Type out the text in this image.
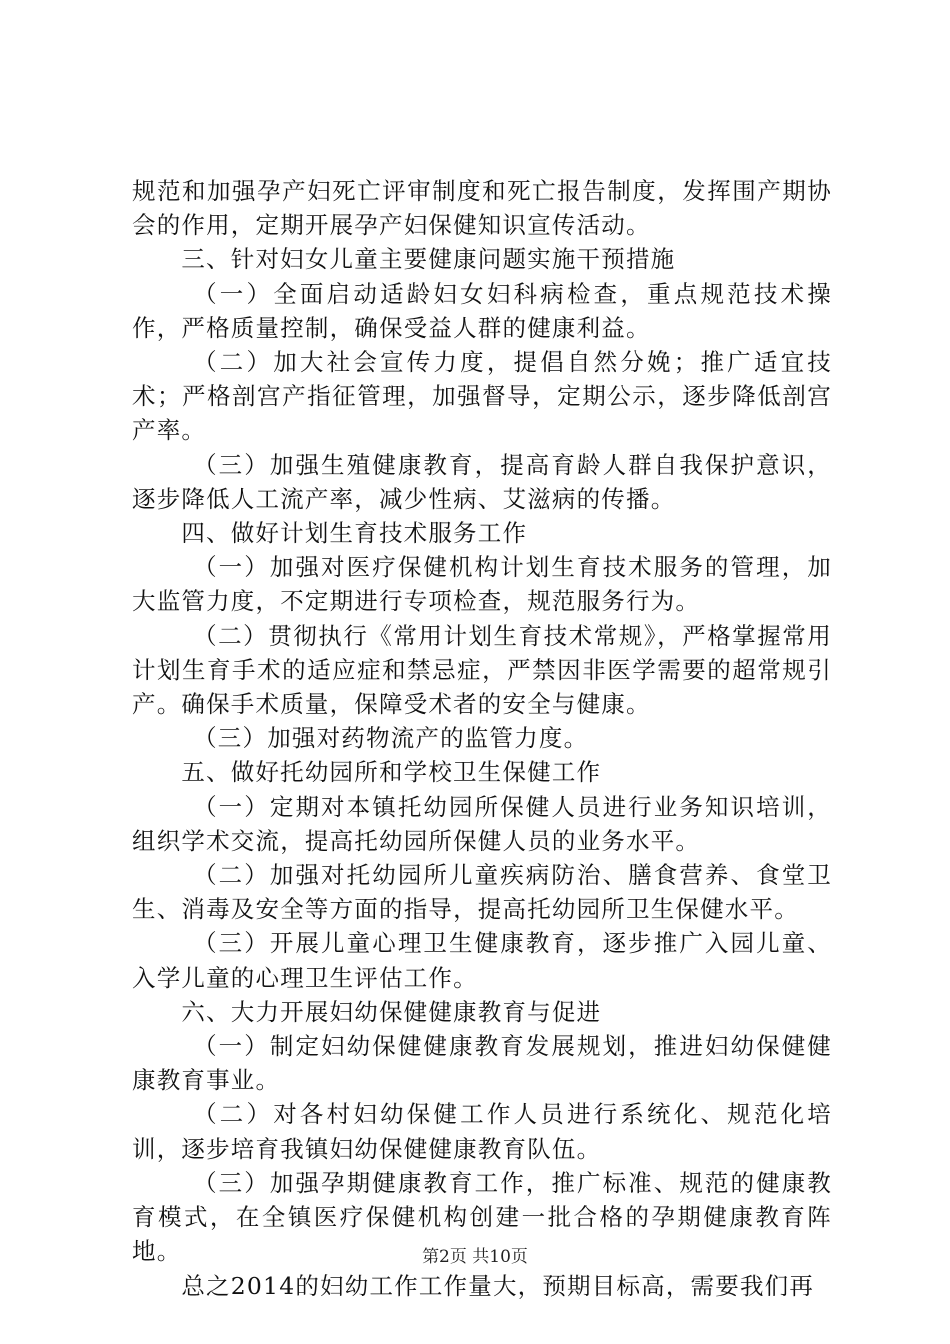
规范和加强孕产妇死亡评审制度和死亡报告制度，发挥围产期协会的作用，定期开展孕产妇保健知识宣传活动。

三、针对妇女儿童主要健康问题实施干预措施

（一）全面启动适龄妇女妇科病检查，重点规范技术操作，严格质量控制，确保受益人群的健康利益。

（二）加大社会宣传力度，提倡自然分娩；推广适宜技术；严格剖宫产指征管理，加强督导，定期公示，逐步降低剖宫产率。

（三）加强生殖健康教育，提高育龄人群自我保护意识，逐步降低人工流产率，减少性病、艾滋病的传播。

四、做好计划生育技术服务工作

（一）加强对医疗保健机构计划生育技术服务的管理，加大监管力度，不定期进行专项检查，规范服务行为。

（二）贯彻执行《常用计划生育技术常规》，严格掌握常用计划生育手术的适应症和禁忌症，严禁因非医学需要的超常规引产。确保手术质量，保障受术者的安全与健康。

（三）加强对药物流产的监管力度。

五、做好托幼园所和学校卫生保健工作

（一）定期对本镇托幼园所保健人员进行业务知识培训，组织学术交流，提高托幼园所保健人员的业务水平。

（二）加强对托幼园所儿童疾病防治、膳食营养、食堂卫生、消毒及安全等方面的指导，提高托幼园所卫生保健水平。

（三）开展儿童心理卫生健康教育，逐步推广入园儿童、入学儿童的心理卫生评估工作。

六、大力开展妇幼保健健康教育与促进

（一）制定妇幼保健健康教育发展规划，推进妇幼保健健康教育事业。

（二）对各村妇幼保健工作人员进行系统化、规范化培训，逐步培育我镇妇幼保健健康教育队伍。

（三）加强孕期健康教育工作，推广标准、规范的健康教育模式，在全镇医疗保健机构创建一批合格的孕期健康教育阵地。

总之2014的妇幼工作工作量大，预期目标高，需要我们再

第2页 共10页
